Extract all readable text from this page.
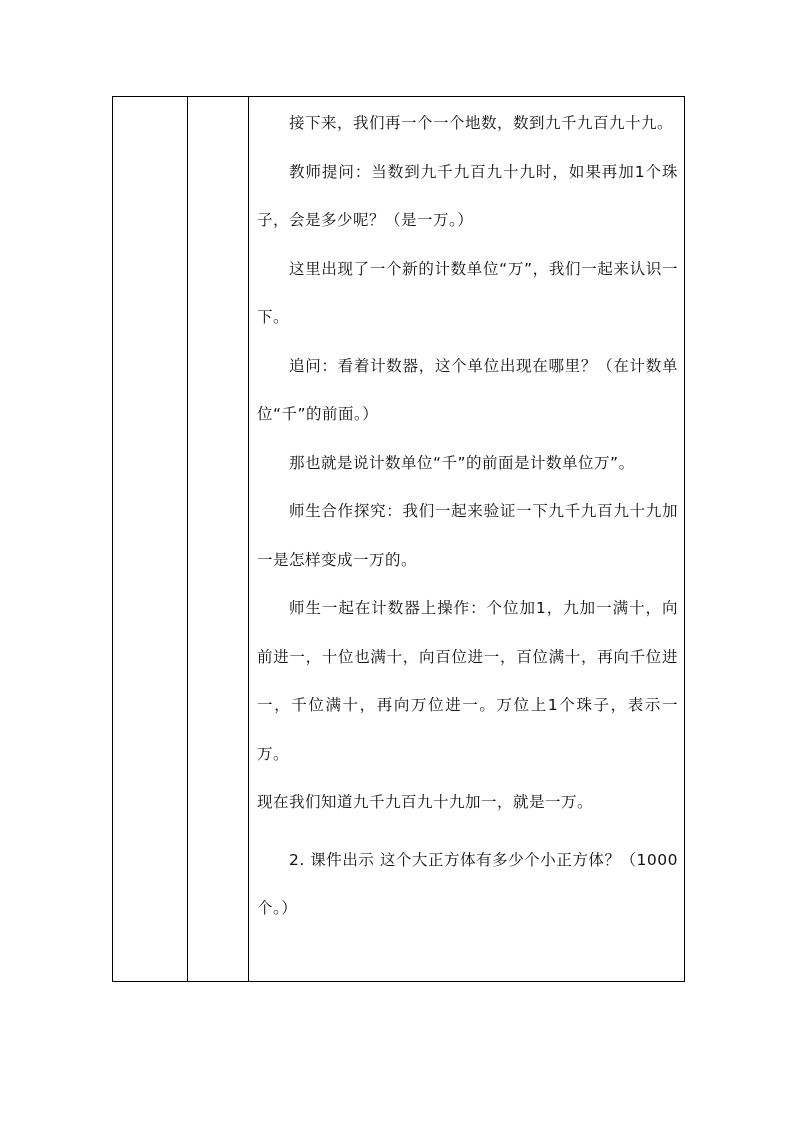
接下来，我们再一个一个地数，数到九千九百九十九。

教师提问：当数到九千九百九十九时，如果再加1个珠子，会是多少呢？（是一万。）

这里出现了一个新的计数单位“万”，我们一起来认识一下。

追问：看着计数器，这个单位出现在哪里？（在计数单位“千”的前面。）

那也就是说计数单位“千”的前面是计数单位万”。

师生合作探究：我们一起来验证一下九千九百九十九加一是怎样变成一万的。

师生一起在计数器上操作：个位加1，九加一满十，向前进一，十位也满十，向百位进一，百位满十，再向千位进一，千位满十，再向万位进一。万位上1个珠子，表示一万。

现在我们知道九千九百九十九加一，就是一万。

2. 课件出示 这个大正方体有多少个小正方体？（1000个。）
